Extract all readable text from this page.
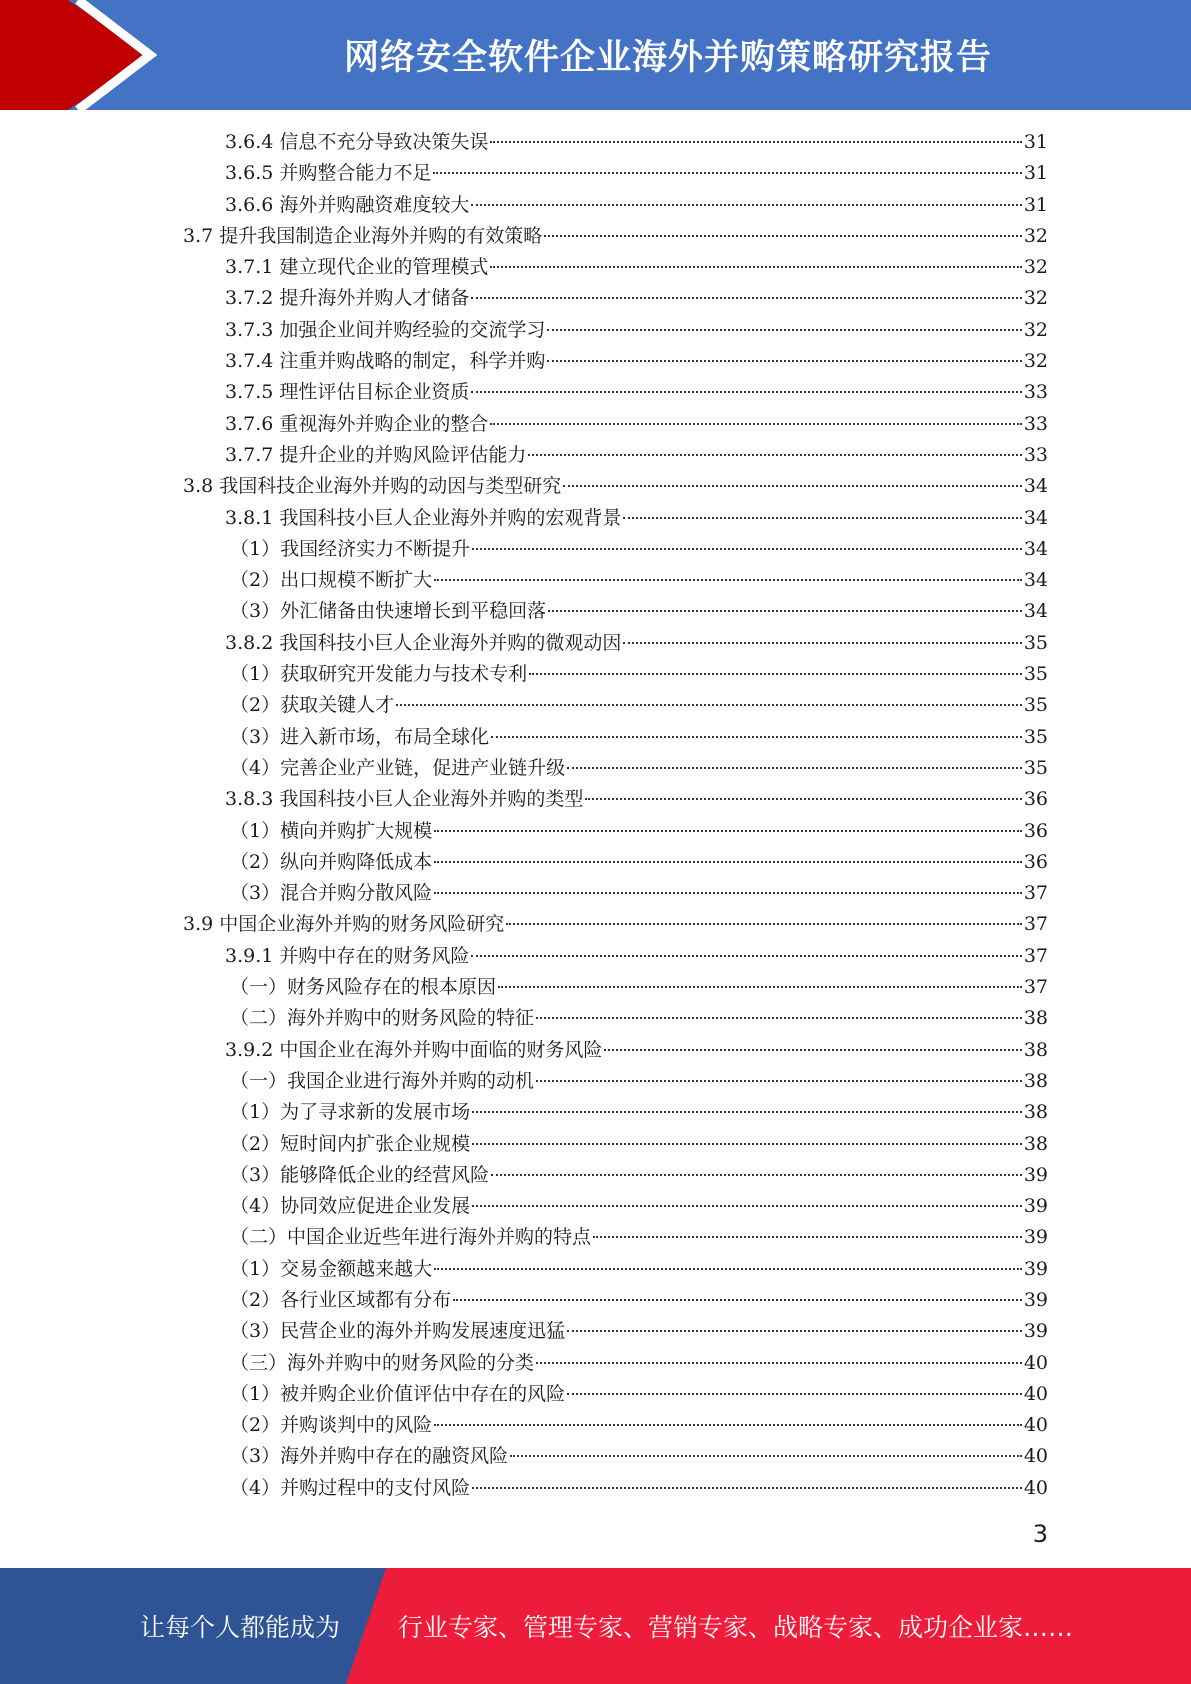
网络安全软件企业海外并购策略研究报告
3.6.4 信息不充分导致决策失误	31
3.6.5 并购整合能力不足	31
3.6.6 海外并购融资难度较大	31
3.7 提升我国制造企业海外并购的有效策略	32
3.7.1 建立现代企业的管理模式	32
3.7.2 提升海外并购人才储备	32
3.7.3 加强企业间并购经验的交流学习	32
3.7.4 注重并购战略的制定，科学并购	32
3.7.5 理性评估目标企业资质	33
3.7.6 重视海外并购企业的整合	33
3.7.7 提升企业的并购风险评估能力	33
3.8 我国科技企业海外并购的动因与类型研究	34
3.8.1 我国科技小巨人企业海外并购的宏观背景	34
（1）我国经济实力不断提升	34
（2）出口规模不断扩大	34
（3）外汇储备由快速增长到平稳回落	34
3.8.2 我国科技小巨人企业海外并购的微观动因	35
（1）获取研究开发能力与技术专利	35
（2）获取关键人才	35
（3）进入新市场，布局全球化	35
（4）完善企业产业链，促进产业链升级	35
3.8.3 我国科技小巨人企业海外并购的类型	36
（1）横向并购扩大规模	36
（2）纵向并购降低成本	36
（3）混合并购分散风险	37
3.9 中国企业海外并购的财务风险研究	37
3.9.1 并购中存在的财务风险	37
（一）财务风险存在的根本原因	37
（二）海外并购中的财务风险的特征	38
3.9.2 中国企业在海外并购中面临的财务风险	38
（一）我国企业进行海外并购的动机	38
（1）为了寻求新的发展市场	38
（2）短时间内扩张企业规模	38
（3）能够降低企业的经营风险	39
（4）协同效应促进企业发展	39
（二）中国企业近些年进行海外并购的特点	39
（1）交易金额越来越大	39
（2）各行业区域都有分布	39
（3）民营企业的海外并购发展速度迅猛	39
（三）海外并购中的财务风险的分类	40
（1）被并购企业价值评估中存在的风险	40
（2）并购谈判中的风险	40
（3）海外并购中存在的融资风险	40
（4）并购过程中的支付风险	40
3
让每个人都能成为 行业专家、管理专家、营销专家、战略专家、成功企业家……
